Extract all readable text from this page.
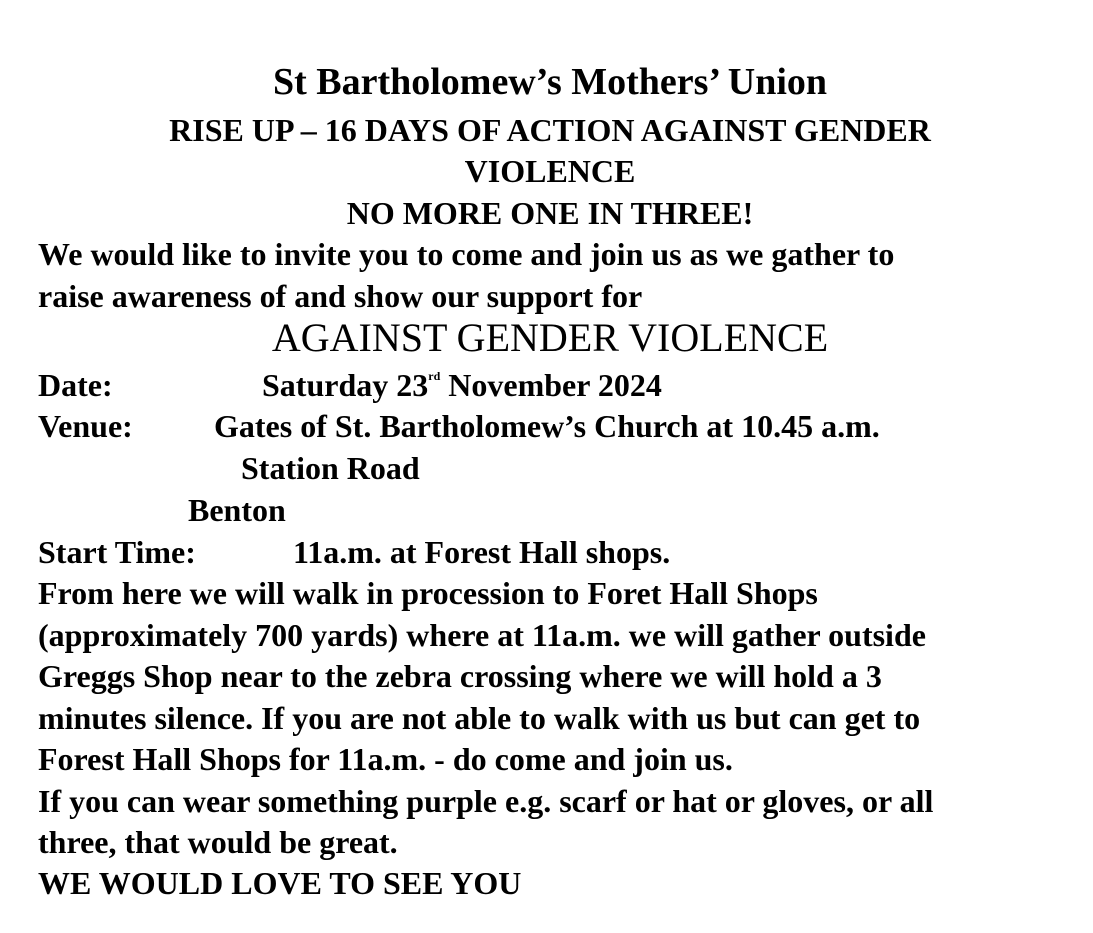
St Bartholomew’s Mothers’ Union
RISE UP – 16 DAYS OF ACTION AGAINST GENDER
VIOLENCE
NO MORE ONE IN THREE!
We would like to invite you to come and join us as we gather to
raise awareness of and show our support for
AGAINST GENDER VIOLENCE
Date:	Saturday 23rd November 2024
Venue:	Gates of St. Bartholomew’s Church at 10.45 a.m.
Station Road
Benton
Start Time:	11a.m. at Forest Hall shops.
From here we will walk in procession to Foret Hall Shops
(approximately 700 yards) where at 11a.m. we will gather outside
Greggs Shop near to the zebra crossing where we will hold a 3
minutes silence. If you are not able to walk with us but can get to
Forest Hall Shops for 11a.m. - do come and join us.
If you can wear something purple e.g. scarf or hat or gloves, or all
three, that would be great.
WE WOULD LOVE TO SEE YOU
